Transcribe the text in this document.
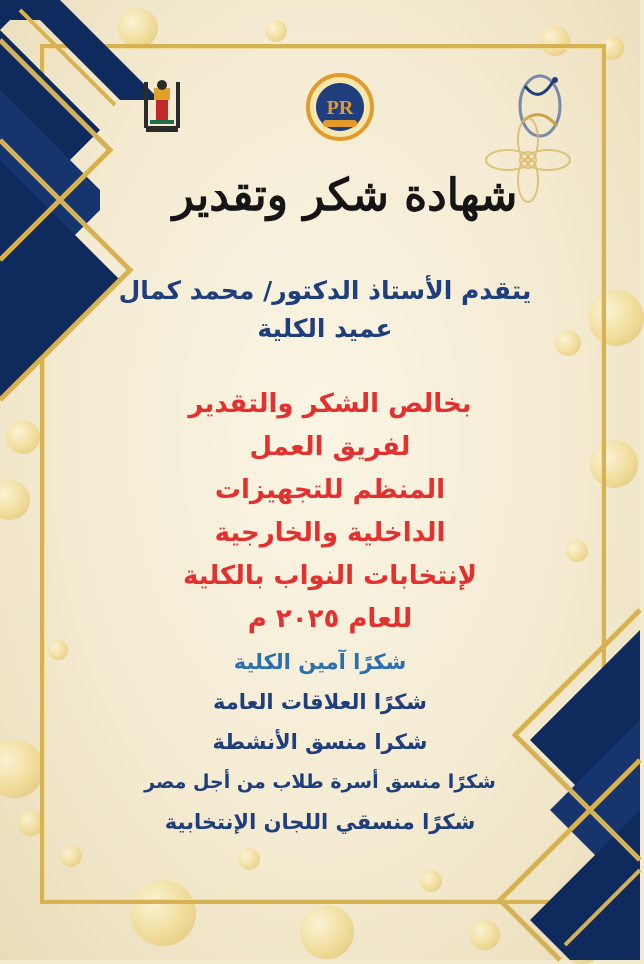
PR
شهادة شكر وتقدير
يتقدم الأستاذ الدكتور/ محمد كمال
عميد الكلية
بخالص الشكر والتقدير
لفريق العمل
المنظم للتجهيزات
الداخلية والخارجية
لإنتخابات النواب بالكلية
للعام ٢٠٢٥ م
شكرًا آمين الكلية
شكرًا العلاقات العامة
شكرا منسق الأنشطة
شكرًا منسق أسرة طلاب من أجل مصر
شكرًا منسقي اللجان الإنتخابية
